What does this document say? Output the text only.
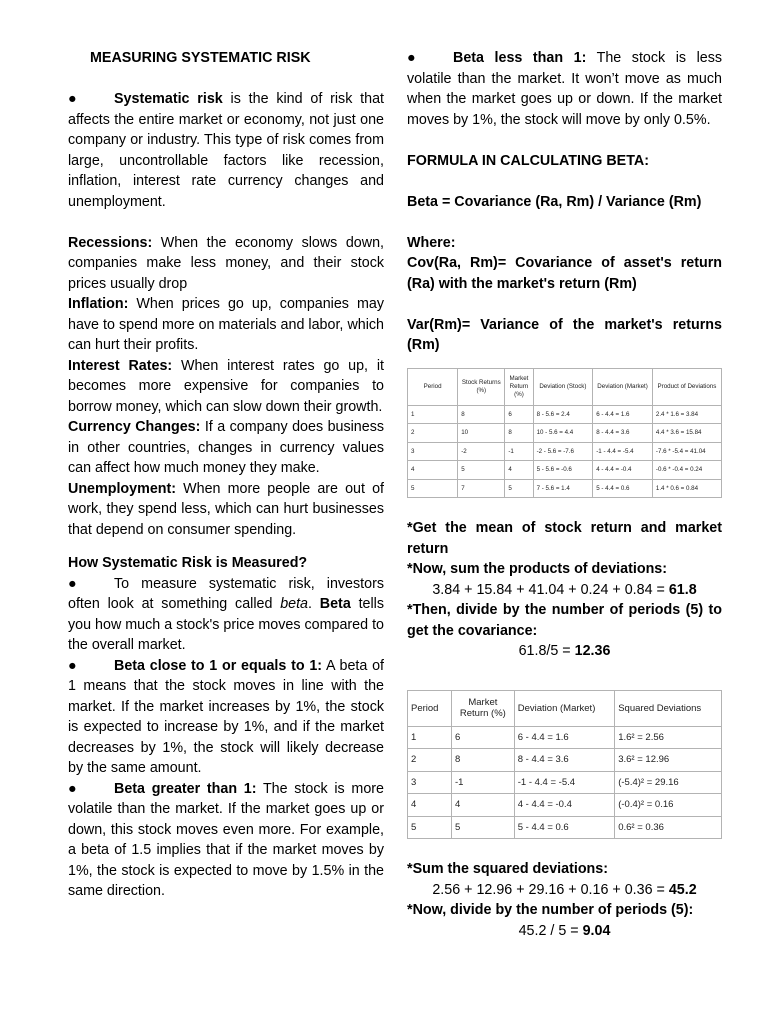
MEASURING SYSTEMATIC RISK

●	Systematic risk is the kind of risk that affects the entire market or economy, not just one company or industry. This type of risk comes from large, uncontrollable factors like recession, inflation, interest rate currency changes and unemployment.

Recessions: When the economy slows down, companies make less money, and their stock prices usually drop

Inflation: When prices go up, companies may have to spend more on materials and labor, which can hurt their profits.

Interest Rates: When interest rates go up, it becomes more expensive for companies to borrow money, which can slow down their growth.

Currency Changes: If a company does business in other countries, changes in currency values can affect how much money they make.

Unemployment: When more people are out of work, they spend less, which can hurt businesses that depend on consumer spending.

How Systematic Risk is Measured?

●	To measure systematic risk, investors often look at something called beta. Beta tells you how much a stock's price moves compared to the overall market.

●	Beta close to 1 or equals to 1: A beta of 1 means that the stock moves in line with the market. If the market increases by 1%, the stock is expected to increase by 1%, and if the market decreases by 1%, the stock will likely decrease by the same amount.

●	Beta greater than 1: The stock is more volatile than the market. If the market goes up or down, this stock moves even more. For example, a beta of 1.5 implies that if the market moves by 1%, the stock is expected to move by 1.5% in the same direction.

●	Beta less than 1: The stock is less volatile than the market. It won’t move as much when the market goes up or down. If the market moves by 1%, the stock will move by only 0.5%.

FORMULA IN CALCULATING BETA:

Beta = Covariance (Ra, Rm) / Variance (Rm)

Where:

Cov(Ra, Rm)= Covariance of asset's return (Ra) with the market's return (Rm)

Var(Rm)= Variance of the market's returns (Rm)

Period	Stock Returns (%)	Market Return (%)	Deviation (Stock)	Deviation (Market)	Product of Deviations
1	8	6	8 - 5.6 = 2.4	6 - 4.4 = 1.6	2.4 * 1.6 = 3.84
2	10	8	10 - 5.6 = 4.4	8 - 4.4 = 3.6	4.4 * 3.6 = 15.84
3	-2	-1	-2 - 5.6 = -7.6	-1 - 4.4 = -5.4	-7.6 * -5.4 = 41.04
4	5	4	5 - 5.6 = -0.6	4 - 4.4 = -0.4	-0.6 * -0.4 = 0.24
5	7	5	7 - 5.6 = 1.4	5 - 4.4 = 0.6	1.4 * 0.6 = 0.84

*Get the mean of stock return and market return

*Now, sum the products of deviations:

3.84 + 15.84 + 41.04 + 0.24 + 0.84 = 61.8

*Then, divide by the number of periods (5) to get the covariance:

61.8/5 = 12.36

Period	Market Return (%)	Deviation (Market)	Squared Deviations
1	6	6 - 4.4 = 1.6	1.6² = 2.56
2	8	8 - 4.4 = 3.6	3.6² = 12.96
3	-1	-1 - 4.4 = -5.4	(-5.4)² = 29.16
4	4	4 - 4.4 = -0.4	(-0.4)² = 0.16
5	5	5 - 4.4 = 0.6	0.6² = 0.36

*Sum the squared deviations:

2.56 + 12.96 + 29.16 + 0.16 + 0.36 = 45.2

*Now, divide by the number of periods (5):

45.2 / 5 = 9.04
